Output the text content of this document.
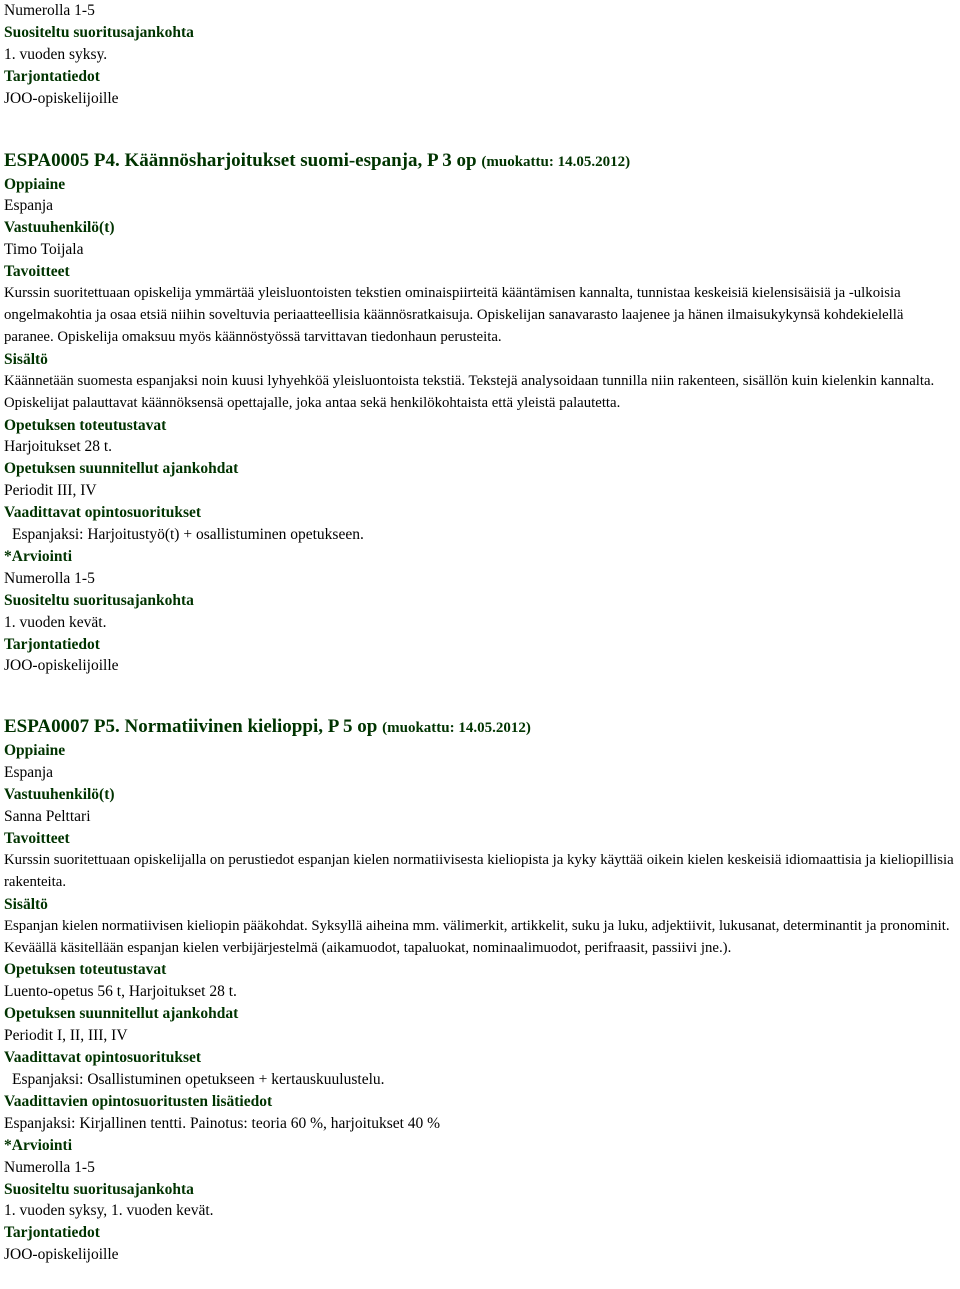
Numerolla 1-5
Suositeltu suoritusajankohta
1. vuoden syksy.
Tarjontatiedot
JOO-opiskelijoille
ESPA0005 P4. Käännösharjoitukset suomi-espanja, P 3 op (muokattu: 14.05.2012)
Oppiaine
Espanja
Vastuuhenkilö(t)
Timo Toijala
Tavoitteet
Kurssin suoritettuaan opiskelija ymmärtää yleisluontoisten tekstien ominaispiirteitä kääntämisen kannalta, tunnistaa keskeisiä kielensisäisiä ja -ulkoisia ongelmakohtia ja osaa etsiä niihin soveltuvia periaatteellisia käännösratkaisuja. Opiskelijan sanavarasto laajenee ja hänen ilmaisukykynsä kohdekielellä paranee. Opiskelija omaksuu myös käännöstyössä tarvittavan tiedonhaun perusteita.
Sisältö
Käännetään suomesta espanjaksi noin kuusi lyhyehköä yleisluontoista tekstiä. Tekstejä analysoidaan tunnilla niin rakenteen, sisällön kuin kielenkin kannalta. Opiskelijat palauttavat käännöksensä opettajalle, joka antaa sekä henkilökohtaista että yleistä palautetta.
Opetuksen toteutustavat
Harjoitukset 28 t.
Opetuksen suunnitellut ajankohdat
Periodit III, IV
Vaadittavat opintosuoritukset
Espanjaksi: Harjoitustyö(t) + osallistuminen opetukseen.
*Arviointi
Numerolla 1-5
Suositeltu suoritusajankohta
1. vuoden kevät.
Tarjontatiedot
JOO-opiskelijoille
ESPA0007 P5. Normatiivinen kielioppi, P 5 op (muokattu: 14.05.2012)
Oppiaine
Espanja
Vastuuhenkilö(t)
Sanna Pelttari
Tavoitteet
Kurssin suoritettuaan opiskelijalla on perustiedot espanjan kielen normatiivisesta kieliopista ja kyky käyttää oikein kielen keskeisiä idiomaattisia ja kieliopillisia rakenteita.
Sisältö
Espanjan kielen normatiivisen kieliopin pääkohdat. Syksyllä aiheina mm. välimerkit, artikkelit, suku ja luku, adjektiivit, lukusanat, determinantit ja pronominit. Keväällä käsitellään espanjan kielen verbijärjestelmä (aikamuodot, tapaluokat, nominaalimuodot, perifraasit, passiivi jne.).
Opetuksen toteutustavat
Luento-opetus 56 t, Harjoitukset 28 t.
Opetuksen suunnitellut ajankohdat
Periodit I, II, III, IV
Vaadittavat opintosuoritukset
Espanjaksi: Osallistuminen opetukseen + kertauskuulustelu.
Vaadittavien opintosuoritusten lisätiedot
Espanjaksi: Kirjallinen tentti. Painotus: teoria 60 %, harjoitukset 40 %
*Arviointi
Numerolla 1-5
Suositeltu suoritusajankohta
1. vuoden syksy, 1. vuoden kevät.
Tarjontatiedot
JOO-opiskelijoille
